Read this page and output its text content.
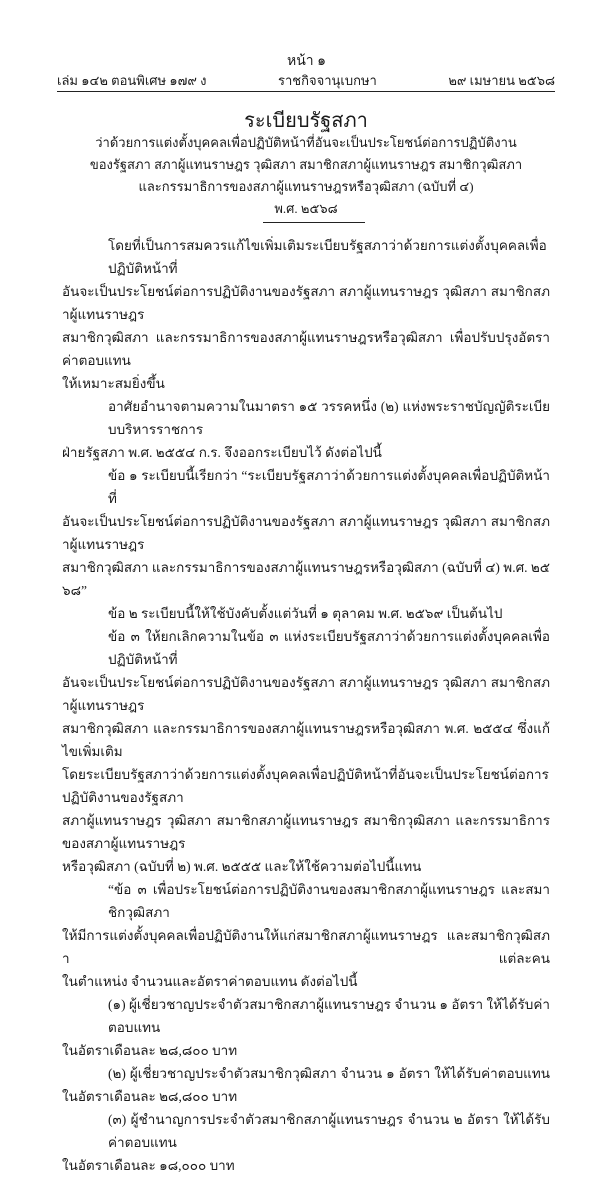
หน้า ๑
เล่ม ๑๔๒ ตอนพิเศษ ๑๗๙ ง	ราชกิจจานุเบกษา	๒๙ เมษายน ๒๕๖๘
ระเบียบรัฐสภา
ว่าด้วยการแต่งตั้งบุคคลเพื่อปฏิบัติหน้าที่อันจะเป็นประโยชน์ต่อการปฏิบัติงาน
ของรัฐสภา สภาผู้แทนราษฎร วุฒิสภา สมาชิกสภาผู้แทนราษฎร สมาชิกวุฒิสภา
และกรรมาธิการของสภาผู้แทนราษฎรหรือวุฒิสภา (ฉบับที่ ๔)
พ.ศ. ๒๕๖๘
โดยที่เป็นการสมควรแก้ไขเพิ่มเติมระเบียบรัฐสภาว่าด้วยการแต่งตั้งบุคคลเพื่อปฏิบัติหน้าที่
อันจะเป็นประโยชน์ต่อการปฏิบัติงานของรัฐสภา สภาผู้แทนราษฎร วุฒิสภา สมาชิกสภาผู้แทนราษฎร
สมาชิกวุฒิสภา และกรรมาธิการของสภาผู้แทนราษฎรหรือวุฒิสภา เพื่อปรับปรุงอัตราค่าตอบแทน
ให้เหมาะสมยิ่งขึ้น
อาศัยอำนาจตามความในมาตรา ๑๕ วรรคหนึ่ง (๒) แห่งพระราชบัญญัติระเบียบบริหารราชการ
ฝ่ายรัฐสภา พ.ศ. ๒๕๕๔ ก.ร. จึงออกระเบียบไว้ ดังต่อไปนี้
ข้อ ๑ ระเบียบนี้เรียกว่า “ระเบียบรัฐสภาว่าด้วยการแต่งตั้งบุคคลเพื่อปฏิบัติหน้าที่
อันจะเป็นประโยชน์ต่อการปฏิบัติงานของรัฐสภา สภาผู้แทนราษฎร วุฒิสภา สมาชิกสภาผู้แทนราษฎร
สมาชิกวุฒิสภา และกรรมาธิการของสภาผู้แทนราษฎรหรือวุฒิสภา (ฉบับที่ ๔) พ.ศ. ๒๕๖๘”
ข้อ ๒ ระเบียบนี้ให้ใช้บังคับตั้งแต่วันที่ ๑ ตุลาคม พ.ศ. ๒๕๖๙ เป็นต้นไป
ข้อ ๓ ให้ยกเลิกความในข้อ ๓ แห่งระเบียบรัฐสภาว่าด้วยการแต่งตั้งบุคคลเพื่อปฏิบัติหน้าที่
อันจะเป็นประโยชน์ต่อการปฏิบัติงานของรัฐสภา สภาผู้แทนราษฎร วุฒิสภา สมาชิกสภาผู้แทนราษฎร
สมาชิกวุฒิสภา และกรรมาธิการของสภาผู้แทนราษฎรหรือวุฒิสภา พ.ศ. ๒๕๕๔ ซึ่งแก้ไขเพิ่มเติม
โดยระเบียบรัฐสภาว่าด้วยการแต่งตั้งบุคคลเพื่อปฏิบัติหน้าที่อันจะเป็นประโยชน์ต่อการปฏิบัติงานของรัฐสภา
สภาผู้แทนราษฎร วุฒิสภา สมาชิกสภาผู้แทนราษฎร สมาชิกวุฒิสภา และกรรมาธิการของสภาผู้แทนราษฎร
หรือวุฒิสภา (ฉบับที่ ๒) พ.ศ. ๒๕๕๕ และให้ใช้ความต่อไปนี้แทน
“ข้อ ๓ เพื่อประโยชน์ต่อการปฏิบัติงานของสมาชิกสภาผู้แทนราษฎร และสมาชิกวุฒิสภา
ให้มีการแต่งตั้งบุคคลเพื่อปฏิบัติงานให้แก่สมาชิกสภาผู้แทนราษฎร และสมาชิกวุฒิสภา แต่ละคน
ในตำแหน่ง จำนวนและอัตราค่าตอบแทน ดังต่อไปนี้
(๑) ผู้เชี่ยวชาญประจำตัวสมาชิกสภาผู้แทนราษฎร จำนวน ๑ อัตรา ให้ได้รับค่าตอบแทน
ในอัตราเดือนละ ๒๘,๘๐๐ บาท
(๒) ผู้เชี่ยวชาญประจำตัวสมาชิกวุฒิสภา จำนวน ๑ อัตรา ให้ได้รับค่าตอบแทน
ในอัตราเดือนละ ๒๘,๘๐๐ บาท
(๓) ผู้ชำนาญการประจำตัวสมาชิกสภาผู้แทนราษฎร จำนวน ๒ อัตรา ให้ได้รับค่าตอบแทน
ในอัตราเดือนละ ๑๘,๐๐๐ บาท
